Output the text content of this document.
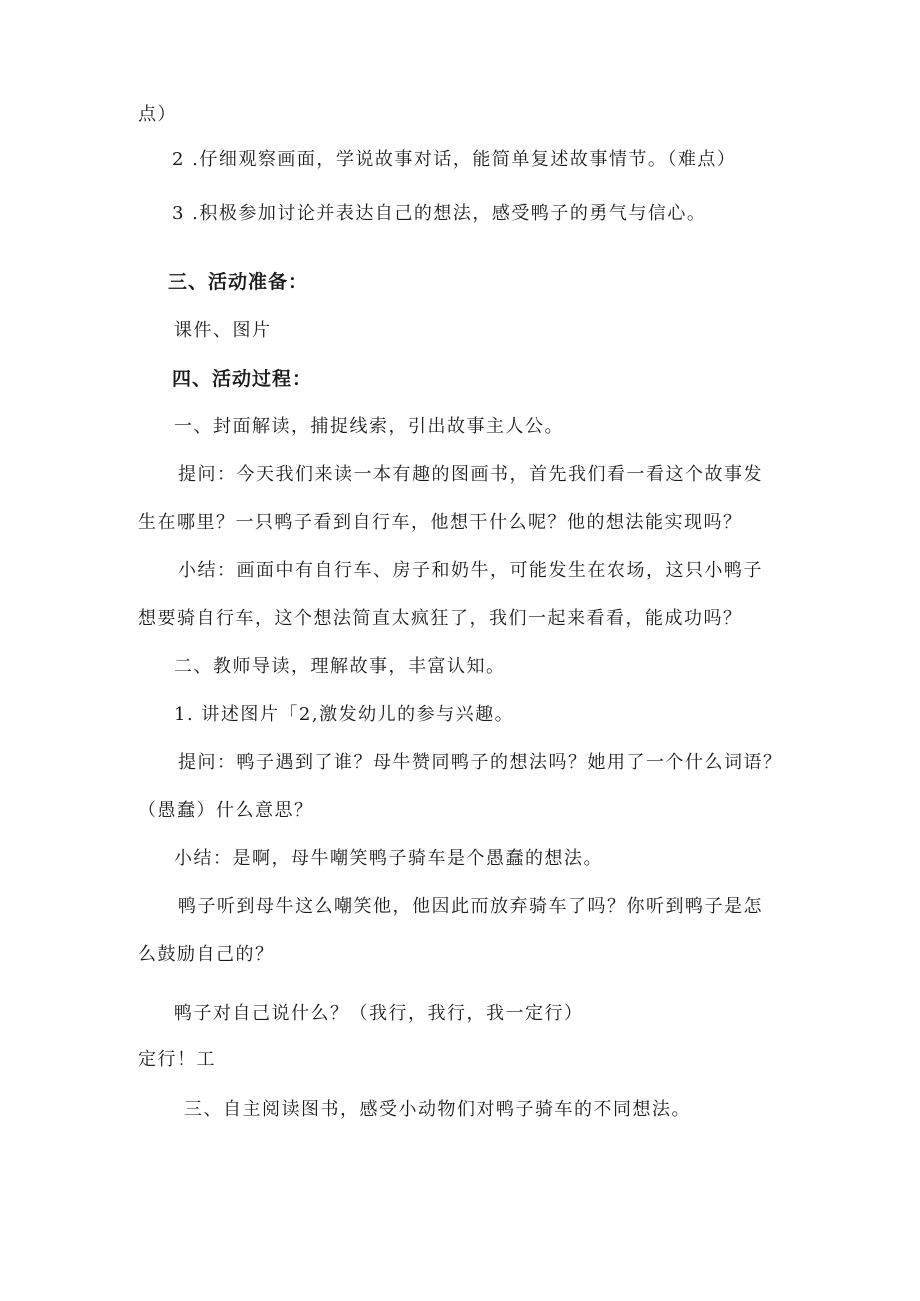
点）
2 .仔细观察画面，学说故事对话，能简单复述故事情节。（难点）
3 .积极参加讨论并表达自己的想法，感受鸭子的勇气与信心。
三、活动准备：
课件、图片
四、活动过程：
一、封面解读，捕捉线索，引出故事主人公。
提问：今天我们来读一本有趣的图画书，首先我们看一看这个故事发
生在哪里？一只鸭子看到自行车，他想干什么呢？他的想法能实现吗？
小结：画面中有自行车、房子和奶牛，可能发生在农场，这只小鸭子
想要骑自行车，这个想法简直太疯狂了，我们一起来看看，能成功吗？
二、教师导读，理解故事，丰富认知。
1. 讲述图片「2,激发幼儿的参与兴趣。
提问：鸭子遇到了谁？母牛赞同鸭子的想法吗？她用了一个什么词语？
（愚蠢）什么意思？
小结：是啊，母牛嘲笑鸭子骑车是个愚蠢的想法。
鸭子听到母牛这么嘲笑他，他因此而放弃骑车了吗？你听到鸭子是怎
么鼓励自己的？
鸭子对自己说什么？（我行，我行，我一定行）
定行！工
三、自主阅读图书，感受小动物们对鸭子骑车的不同想法。
